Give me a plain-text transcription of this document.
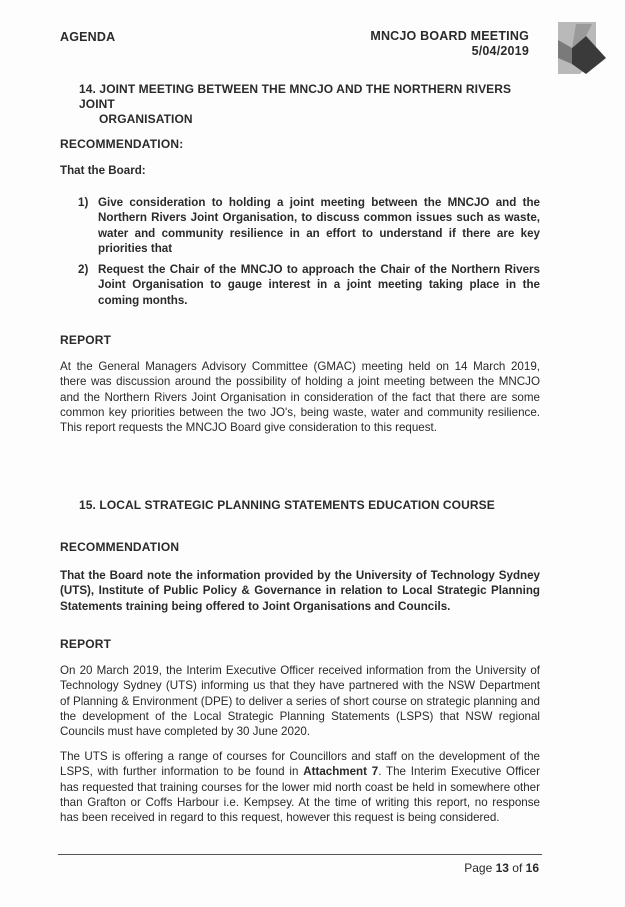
AGENDA	MNCJO BOARD MEETING
5/04/2019
14. JOINT MEETING BETWEEN THE MNCJO AND THE NORTHERN RIVERS JOINT
ORGANISATION
RECOMMENDATION:
That the Board:
1) Give consideration to holding a joint meeting between the MNCJO and the Northern Rivers Joint Organisation, to discuss common issues such as waste, water and community resilience in an effort to understand if there are key priorities that
2) Request the Chair of the MNCJO to approach the Chair of the Northern Rivers Joint Organisation to gauge interest in a joint meeting taking place in the coming months.
REPORT
At the General Managers Advisory Committee (GMAC) meeting held on 14 March 2019, there was discussion around the possibility of holding a joint meeting between the MNCJO and the Northern Rivers Joint Organisation in consideration of the fact that there are some common key priorities between the two JO's, being waste, water and community resilience. This report requests the MNCJO Board give consideration to this request.
15. LOCAL STRATEGIC PLANNING STATEMENTS EDUCATION COURSE
RECOMMENDATION
That the Board note the information provided by the University of Technology Sydney (UTS), Institute of Public Policy & Governance in relation to Local Strategic Planning Statements training being offered to Joint Organisations and Councils.
REPORT
On 20 March 2019, the Interim Executive Officer received information from the University of Technology Sydney (UTS) informing us that they have partnered with the NSW Department of Planning & Environment (DPE) to deliver a series of short course on strategic planning and the development of the Local Strategic Planning Statements (LSPS) that NSW regional Councils must have completed by 30 June 2020.
The UTS is offering a range of courses for Councillors and staff on the development of the LSPS, with further information to be found in Attachment 7. The Interim Executive Officer has requested that training courses for the lower mid north coast be held in somewhere other than Grafton or Coffs Harbour i.e. Kempsey. At the time of writing this report, no response has been received in regard to this request, however this request is being considered.
Page 13 of 16
